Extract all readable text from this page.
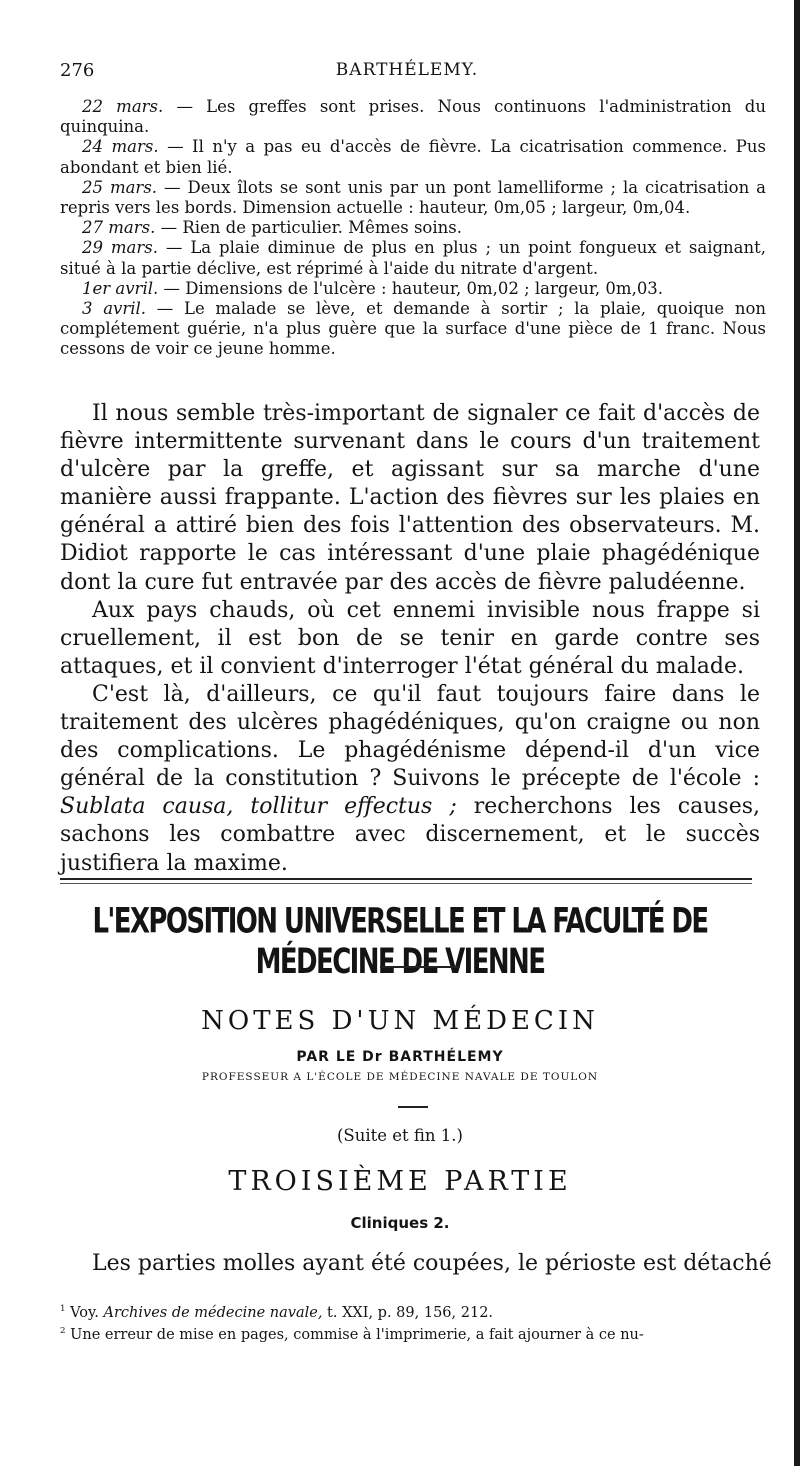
276	BARTHÉLEMY.

22 mars. — Les greffes sont prises. Nous continuons l'administration du quinquina.

24 mars. — Il n'y a pas eu d'accès de fièvre. La cicatrisation commence. Pus abondant et bien lié.

25 mars. — Deux îlots se sont unis par un pont lamelliforme ; la cicatrisation a repris vers les bords. Dimension actuelle : hauteur, 0m,05 ; largeur, 0m,04.

27 mars. — Rien de particulier. Mêmes soins.

29 mars. — La plaie diminue de plus en plus ; un point fongueux et saignant, situé à la partie déclive, est réprimé à l'aide du nitrate d'argent.

1er avril. — Dimensions de l'ulcère : hauteur, 0m,02 ; largeur, 0m,03.

3 avril. — Le malade se lève, et demande à sortir ; la plaie, quoique non complétement guérie, n'a plus guère que la surface d'une pièce de 1 franc. Nous cessons de voir ce jeune homme.

Il nous semble très-important de signaler ce fait d'accès de fièvre intermittente survenant dans le cours d'un traitement d'ulcère par la greffe, et agissant sur sa marche d'une manière aussi frappante. L'action des fièvres sur les plaies en général a attiré bien des fois l'attention des observateurs. M. Didiot rapporte le cas intéressant d'une plaie phagédénique dont la cure fut entravée par des accès de fièvre paludéenne.

Aux pays chauds, où cet ennemi invisible nous frappe si cruellement, il est bon de se tenir en garde contre ses attaques, et il convient d'interroger l'état général du malade.

C'est là, d'ailleurs, ce qu'il faut toujours faire dans le traitement des ulcères phagédéniques, qu'on craigne ou non des complications. Le phagédénisme dépend-il d'un vice général de la constitution ? Suivons le précepte de l'école : Sublata causa, tollitur effectus ; recherchons les causes, sachons les combattre avec discernement, et le succès justifiera la maxime.

L'EXPOSITION UNIVERSELLE ET LA FACULTÉ DE MÉDECINE DE VIENNE
NOTES D'UN MÉDECIN
PAR LE Dr BARTHÉLEMY
PROFESSEUR A L'ÉCOLE DE MÉDECINE NAVALE DE TOULON
(Suite et fin 1.)
TROISIÈME PARTIE
Cliniques 2.
Les parties molles ayant été coupées, le périoste est détaché
$^1$ Voy. Archives de médecine navale, t. XXI, p. 89, 156, 212.
$^2$ Une erreur de mise en pages, commise à l'imprimerie, a fait ajourner à ce nu-
